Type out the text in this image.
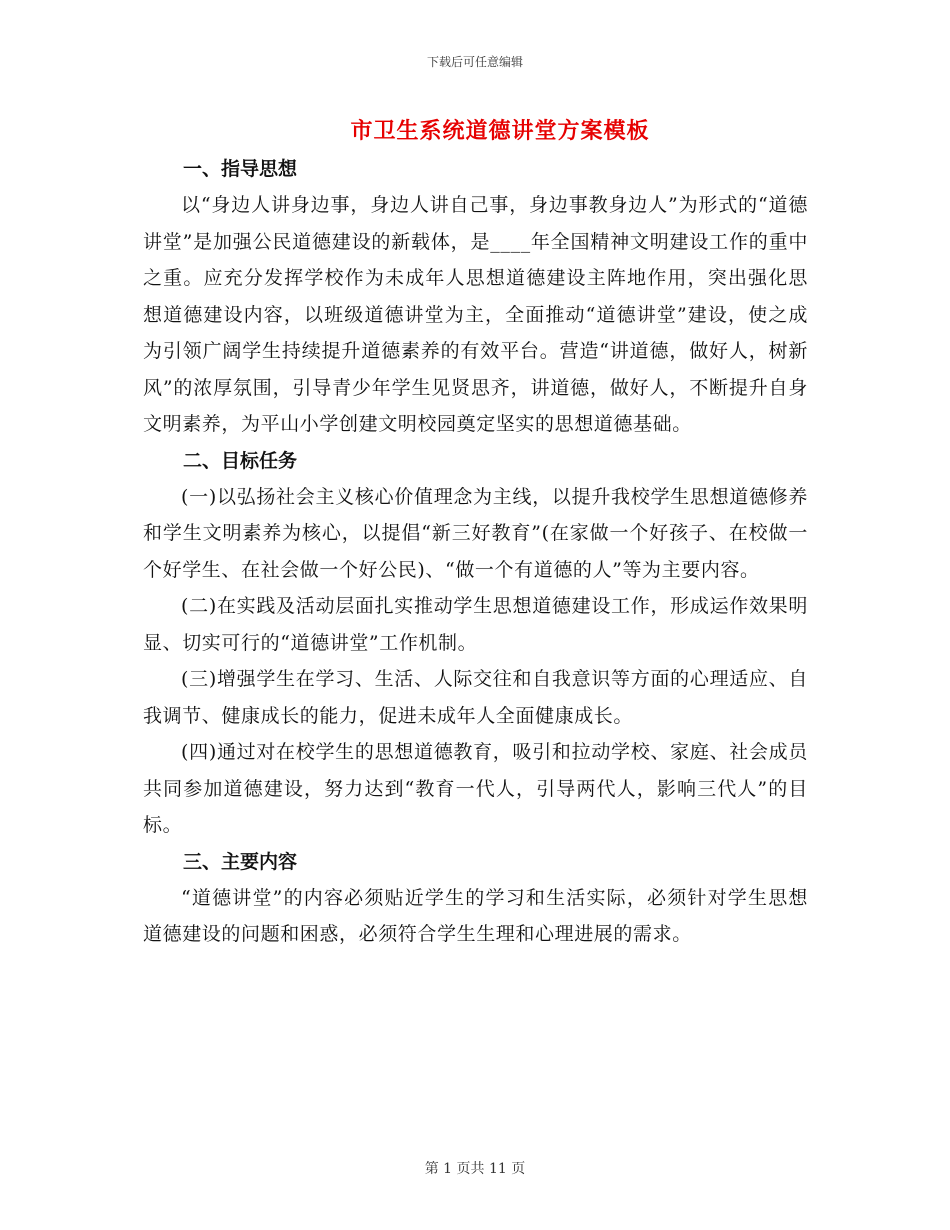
下载后可任意编辑
市卫生系统道德讲堂方案模板

一、指导思想

以“身边人讲身边事，身边人讲自己事，身边事教身边人”为形式的“道德讲堂”是加强公民道德建设的新载体，是____年全国精神文明建设工作的重中之重。应充分发挥学校作为未成年人思想道德建设主阵地作用，突出强化思想道德建设内容，以班级道德讲堂为主，全面推动“道德讲堂”建设，使之成为引领广阔学生持续提升道德素养的有效平台。营造“讲道德，做好人，树新风”的浓厚氛围，引导青少年学生见贤思齐，讲道德，做好人，不断提升自身文明素养，为平山小学创建文明校园奠定坚实的思想道德基础。

二、目标任务

(一)以弘扬社会主义核心价值理念为主线，以提升我校学生思想道德修养和学生文明素养为核心，以提倡“新三好教育”(在家做一个好孩子、在校做一个好学生、在社会做一个好公民)、“做一个有道德的人”等为主要内容。

(二)在实践及活动层面扎实推动学生思想道德建设工作，形成运作效果明显、切实可行的“道德讲堂”工作机制。

(三)增强学生在学习、生活、人际交往和自我意识等方面的心理适应、自我调节、健康成长的能力，促进未成年人全面健康成长。

(四)通过对在校学生的思想道德教育，吸引和拉动学校、家庭、社会成员共同参加道德建设，努力达到“教育一代人，引导两代人，影响三代人”的目标。

三、主要内容

“道德讲堂”的内容必须贴近学生的学习和生活实际，必须针对学生思想道德建设的问题和困惑，必须符合学生生理和心理进展的需求。

第 1 页共 11 页
